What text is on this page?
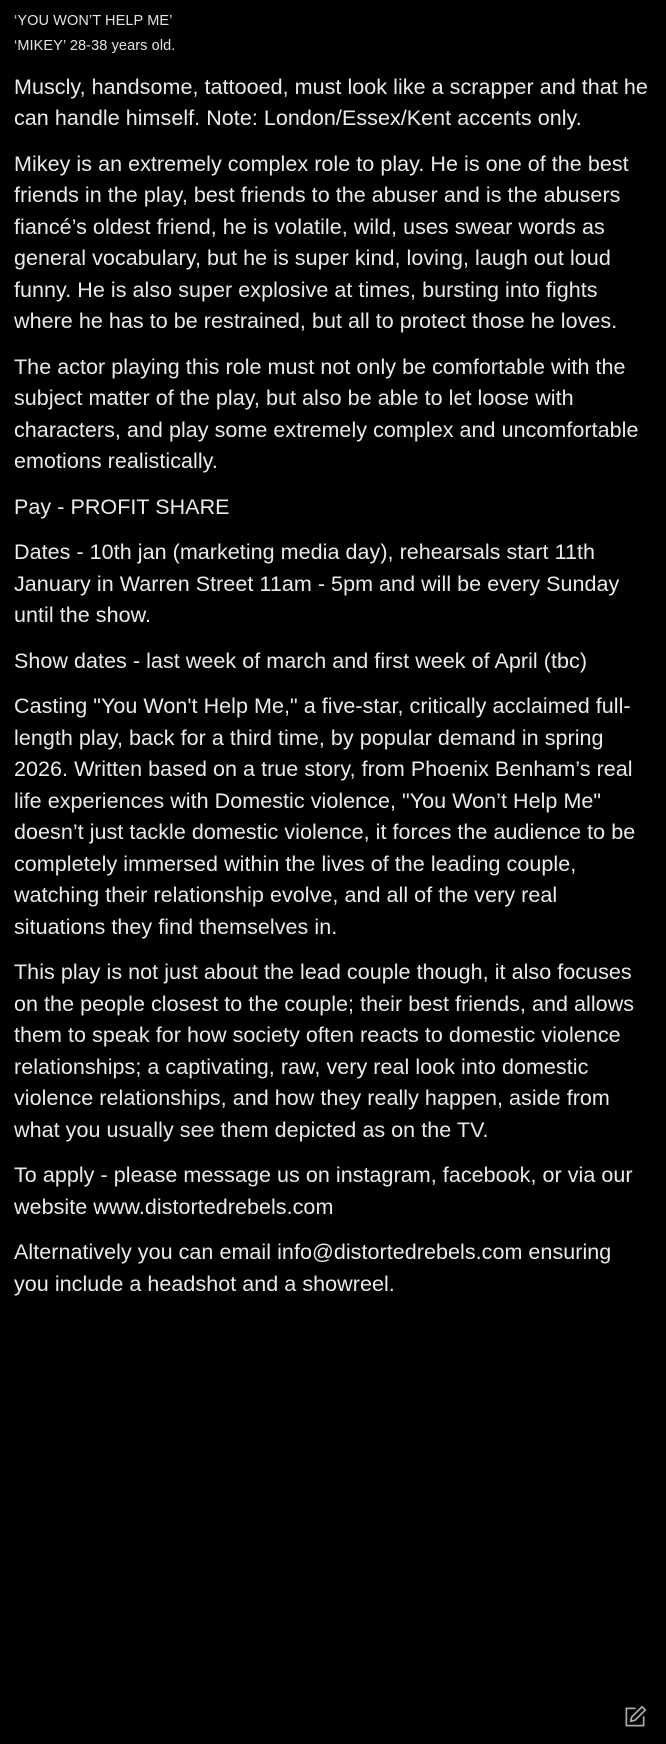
‘YOU WON’T HELP ME’
‘MIKEY’ 28-38 years old.

Muscly, handsome, tattooed, must look like a scrapper and that he can handle himself. Note: London/Essex/Kent accents only.

Mikey is an extremely complex role to play. He is one of the best friends in the play, best friends to the abuser and is the abusers fiancé’s oldest friend, he is volatile, wild, uses swear words as general vocabulary, but he is super kind, loving, laugh out loud funny. He is also super explosive at times, bursting into fights where he has to be restrained, but all to protect those he loves.

The actor playing this role must not only be comfortable with the subject matter of the play, but also be able to let loose with characters, and play some extremely complex and uncomfortable emotions realistically.

Pay - PROFIT SHARE

Dates - 10th jan (marketing media day), rehearsals start 11th January in Warren Street 11am - 5pm and will be every Sunday until the show.

Show dates - last week of march and first week of April (tbc)

Casting "You Won't Help Me," a five-star, critically acclaimed full-length play, back for a third time, by popular demand in spring 2026. Written based on a true story, from Phoenix Benham’s real life experiences with Domestic violence, "You Won’t Help Me" doesn’t just tackle domestic violence, it forces the audience to be completely immersed within the lives of the leading couple, watching their relationship evolve, and all of the very real situations they find themselves in.

This play is not just about the lead couple though, it also focuses on the people closest to the couple; their best friends, and allows them to speak for how society often reacts to domestic violence relationships; a captivating, raw, very real look into domestic violence relationships, and how they really happen, aside from what you usually see them depicted as on the TV.

To apply - please message us on instagram, facebook, or via our website www.distortedrebels.com

Alternatively you can email info@distortedrebels.com ensuring you include a headshot and a showreel.
